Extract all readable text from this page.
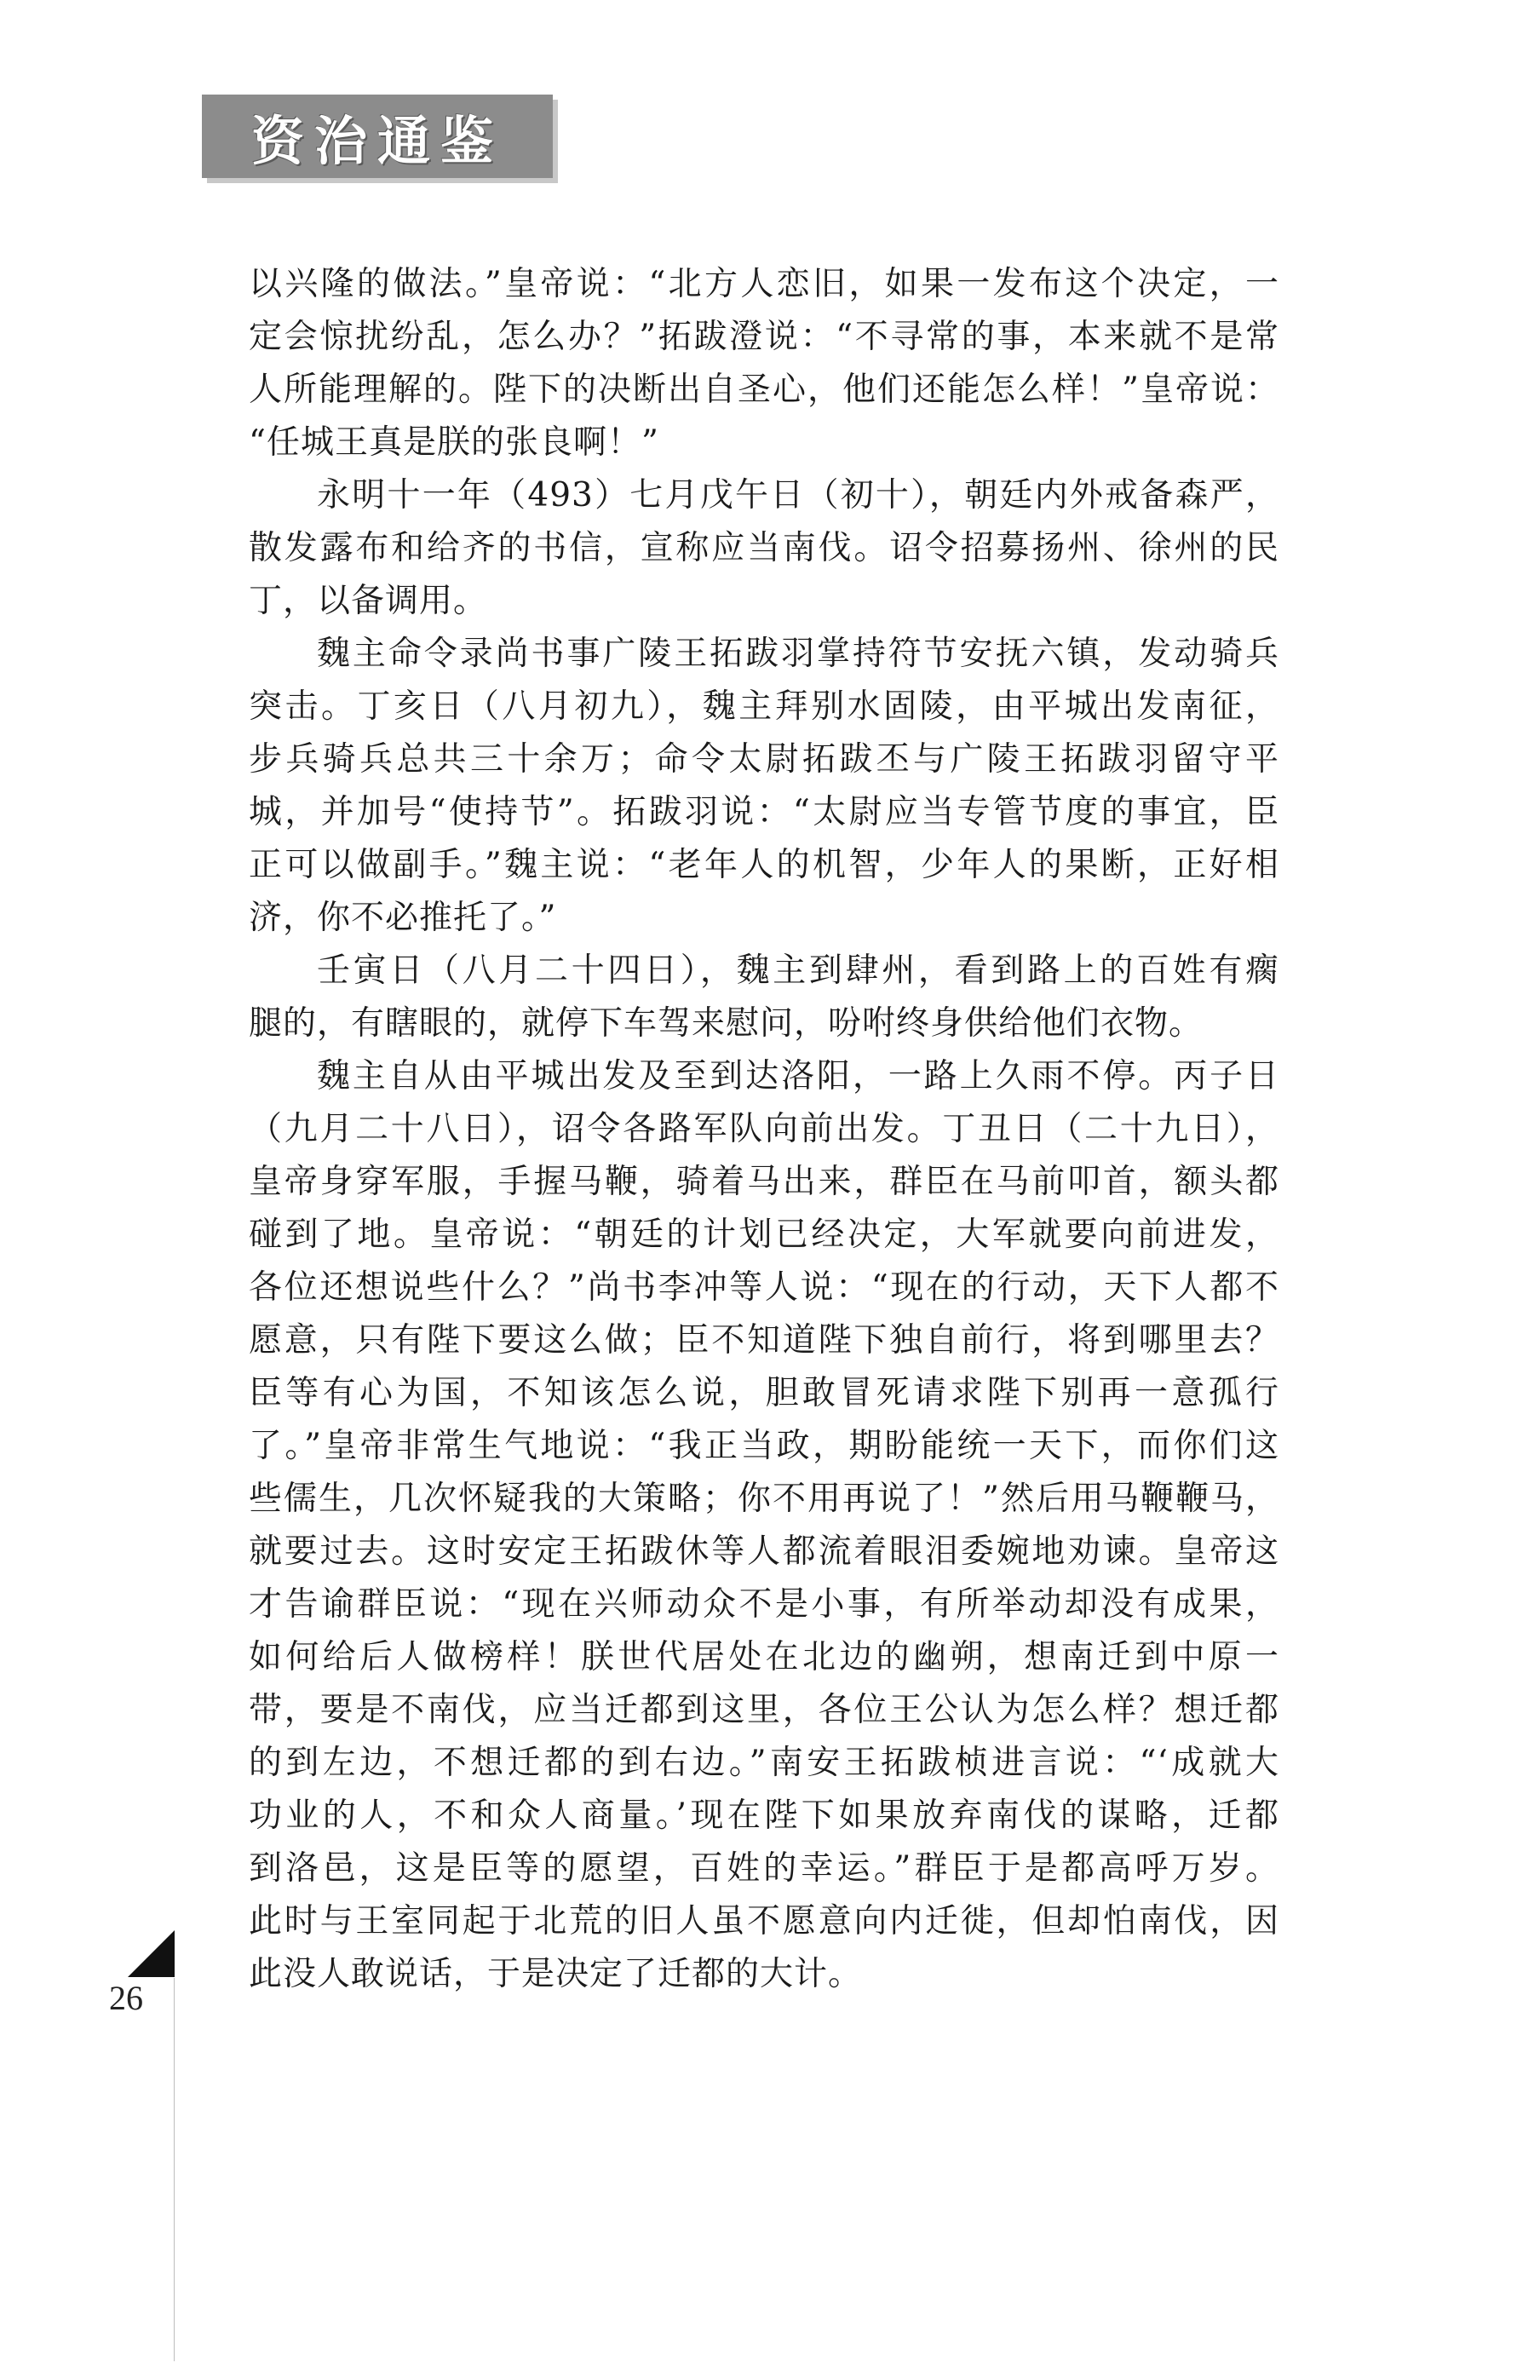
资治通鉴
以兴隆的做法。”皇帝说：“北方人恋旧，如果一发布这个决定，一
定会惊扰纷乱，怎么办？”拓跋澄说：“不寻常的事，本来就不是常
人所能理解的。陛下的决断出自圣心，他们还能怎么样！”皇帝说：
“任城王真是朕的张良啊！”
永明十一年（493）七月戊午日（初十），朝廷内外戒备森严，
散发露布和给齐的书信，宣称应当南伐。诏令招募扬州、徐州的民
丁，以备调用。
魏主命令录尚书事广陵王拓跋羽掌持符节安抚六镇，发动骑兵
突击。丁亥日（八月初九），魏主拜别水固陵，由平城出发南征，
步兵骑兵总共三十余万；命令太尉拓跋丕与广陵王拓跋羽留守平
城，并加号“使持节”。拓跋羽说：“太尉应当专管节度的事宜，臣
正可以做副手。”魏主说：“老年人的机智，少年人的果断，正好相
济，你不必推托了。”
壬寅日（八月二十四日），魏主到肆州，看到路上的百姓有瘸
腿的，有瞎眼的，就停下车驾来慰问，吩咐终身供给他们衣物。
魏主自从由平城出发及至到达洛阳，一路上久雨不停。丙子日
（九月二十八日），诏令各路军队向前出发。丁丑日（二十九日），
皇帝身穿军服，手握马鞭，骑着马出来，群臣在马前叩首，额头都
碰到了地。皇帝说：“朝廷的计划已经决定，大军就要向前进发，
各位还想说些什么？”尚书李冲等人说：“现在的行动，天下人都不
愿意，只有陛下要这么做；臣不知道陛下独自前行，将到哪里去？
臣等有心为国，不知该怎么说，胆敢冒死请求陛下别再一意孤行
了。”皇帝非常生气地说：“我正当政，期盼能统一天下，而你们这
些儒生，几次怀疑我的大策略；你不用再说了！”然后用马鞭鞭马，
就要过去。这时安定王拓跋休等人都流着眼泪委婉地劝谏。皇帝这
才告谕群臣说：“现在兴师动众不是小事，有所举动却没有成果，
如何给后人做榜样！朕世代居处在北边的幽朔，想南迁到中原一
带，要是不南伐，应当迁都到这里，各位王公认为怎么样？想迁都
的到左边，不想迁都的到右边。”南安王拓跋桢进言说：“‘成就大
功业的人，不和众人商量。’现在陛下如果放弃南伐的谋略，迁都
到洛邑，这是臣等的愿望，百姓的幸运。”群臣于是都高呼万岁。
此时与王室同起于北荒的旧人虽不愿意向内迁徙，但却怕南伐，因
此没人敢说话，于是决定了迁都的大计。
26
